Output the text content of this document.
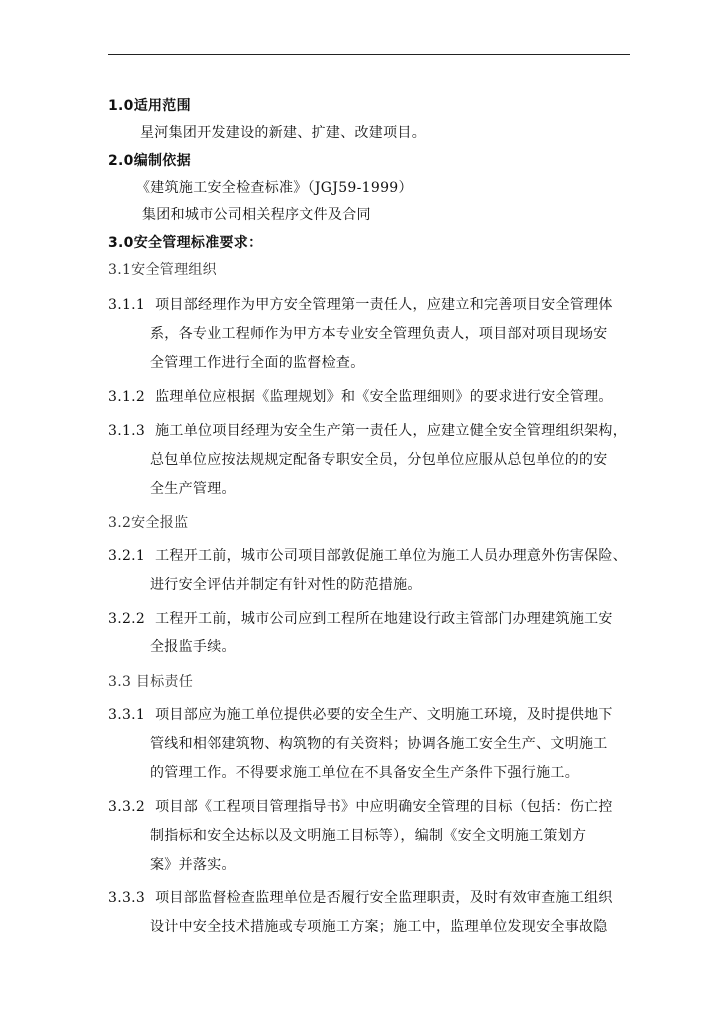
1.0适用范围
星河集团开发建设的新建、扩建、改建项目。
2.0编制依据
《建筑施工安全检查标准》（JGJ59-1999）
集团和城市公司相关程序文件及合同
3.0安全管理标准要求：
3.1安全管理组织
3.1.1 项目部经理作为甲方安全管理第一责任人，应建立和完善项目安全管理体
系，各专业工程师作为甲方本专业安全管理负责人，项目部对项目现场安
全管理工作进行全面的监督检查。
3.1.2 监理单位应根据《监理规划》和《安全监理细则》的要求进行安全管理。
3.1.3 施工单位项目经理为安全生产第一责任人，应建立健全安全管理组织架构，
总包单位应按法规规定配备专职安全员，分包单位应服从总包单位的的安
全生产管理。
3.2安全报监
3.2.1 工程开工前，城市公司项目部敦促施工单位为施工人员办理意外伤害保险、
进行安全评估并制定有针对性的防范措施。
3.2.2 工程开工前，城市公司应到工程所在地建设行政主管部门办理建筑施工安
全报监手续。
3.3 目标责任
3.3.1 项目部应为施工单位提供必要的安全生产、文明施工环境，及时提供地下
管线和相邻建筑物、构筑物的有关资料；协调各施工安全生产、文明施工
的管理工作。不得要求施工单位在不具备安全生产条件下强行施工。
3.3.2 项目部《工程项目管理指导书》中应明确安全管理的目标（包括：伤亡控
制指标和安全达标以及文明施工目标等），编制《安全文明施工策划方
案》并落实。
3.3.3 项目部监督检查监理单位是否履行安全监理职责，及时有效审查施工组织
设计中安全技术措施或专项施工方案；施工中，监理单位发现安全事故隐
